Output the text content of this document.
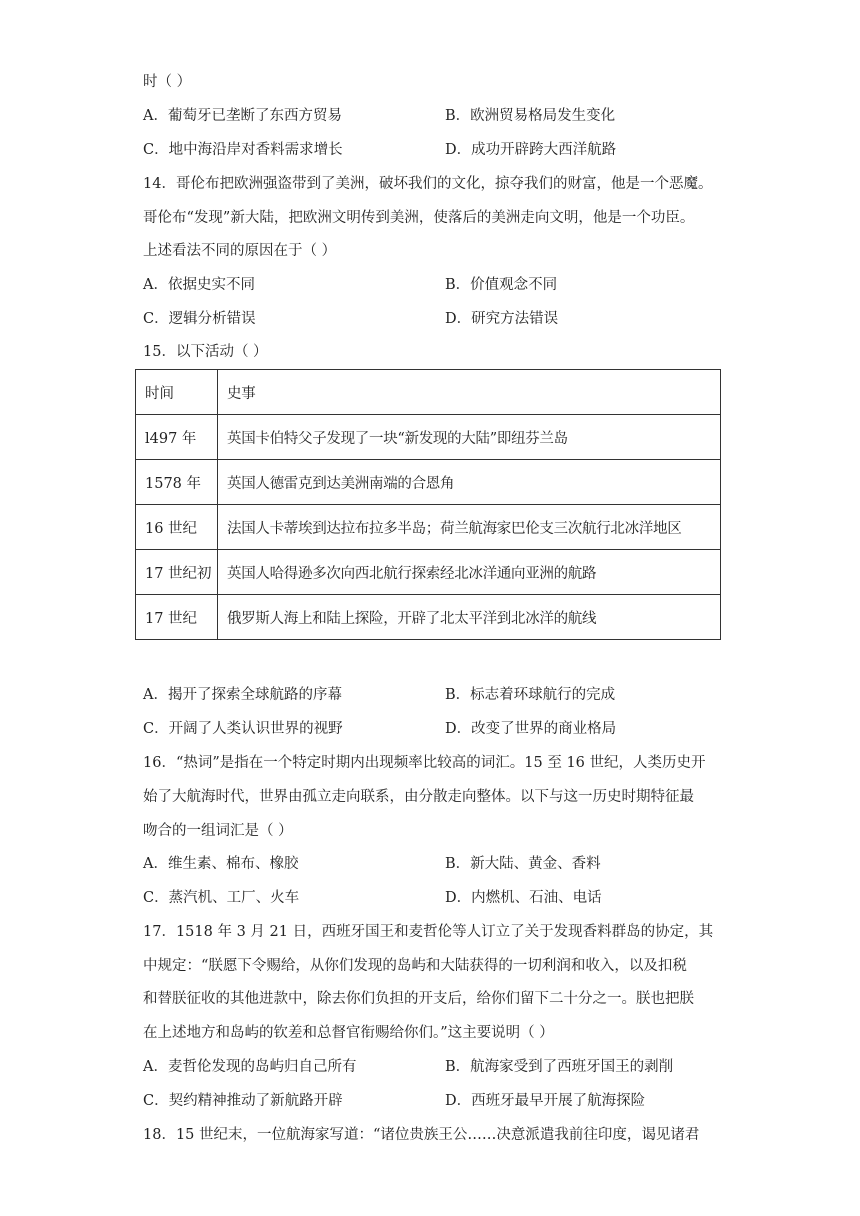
时（ ）
A．葡萄牙已垄断了东西方贸易	B．欧洲贸易格局发生变化
C．地中海沿岸对香料需求增长	D．成功开辟跨大西洋航路
14．哥伦布把欧洲强盗带到了美洲，破坏我们的文化，掠夺我们的财富，他是一个恶魔。
哥伦布“发现”新大陆，把欧洲文明传到美洲，使落后的美洲走向文明，他是一个功臣。
上述看法不同的原因在于（ ）
A．依据史实不同	B．价值观念不同
C．逻辑分析错误	D．研究方法错误
15．以下活动（ ）
时间	史事
l497 年	英国卡伯特父子发现了一块“新发现的大陆”即纽芬兰岛
1578 年	英国人德雷克到达美洲南端的合恩角
16 世纪	法国人卡蒂埃到达拉布拉多半岛；荷兰航海家巴伦支三次航行北冰洋地区
17 世纪初	英国人哈得逊多次向西北航行探索经北冰洋通向亚洲的航路
17 世纪	俄罗斯人海上和陆上探险，开辟了北太平洋到北冰洋的航线
A．揭开了探索全球航路的序幕	B．标志着环球航行的完成
C．开阔了人类认识世界的视野	D．改变了世界的商业格局
16．“热词”是指在一个特定时期内出现频率比较高的词汇。15 至 16 世纪，人类历史开
始了大航海时代，世界由孤立走向联系，由分散走向整体。以下与这一历史时期特征最
吻合的一组词汇是（ ）
A．维生素、棉布、橡胶	B．新大陆、黄金、香料
C．蒸汽机、工厂、火车	D．内燃机、石油、电话
17．1518 年 3 月 21 日，西班牙国王和麦哲伦等人订立了关于发现香料群岛的协定，其
中规定：“朕愿下令赐给，从你们发现的岛屿和大陆获得的一切利润和收入，以及扣税
和替朕征收的其他进款中，除去你们负担的开支后，给你们留下二十分之一。朕也把朕
在上述地方和岛屿的钦差和总督官衔赐给你们。”这主要说明（ ）
A．麦哲伦发现的岛屿归自己所有	B．航海家受到了西班牙国王的剥削
C．契约精神推动了新航路开辟	D．西班牙最早开展了航海探险
18．15 世纪末，一位航海家写道：“诸位贵族王公……决意派遣我前往印度，谒见诸君
